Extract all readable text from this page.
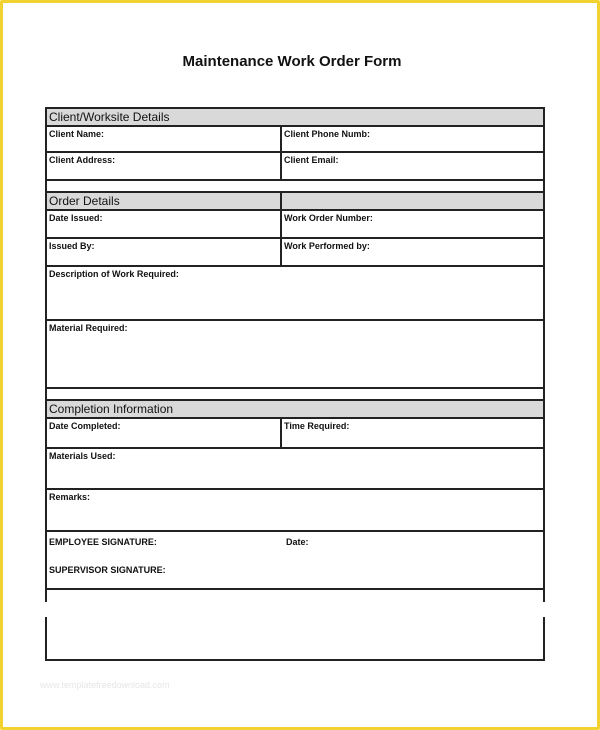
Maintenance Work Order Form
Client/Worksite Details
Client Name:	Client Phone Numb:
Client Address:	Client Email:
Order Details
Date Issued:	Work Order Number:
Issued By:	Work Performed by:
Description of Work Required:
Material Required:
Completion Information
Date Completed:	Time Required:
Materials Used:
Remarks:
EMPLOYEE SIGNATURE:	Date:
SUPERVISOR SIGNATURE:
www.templatefreedownload.com
